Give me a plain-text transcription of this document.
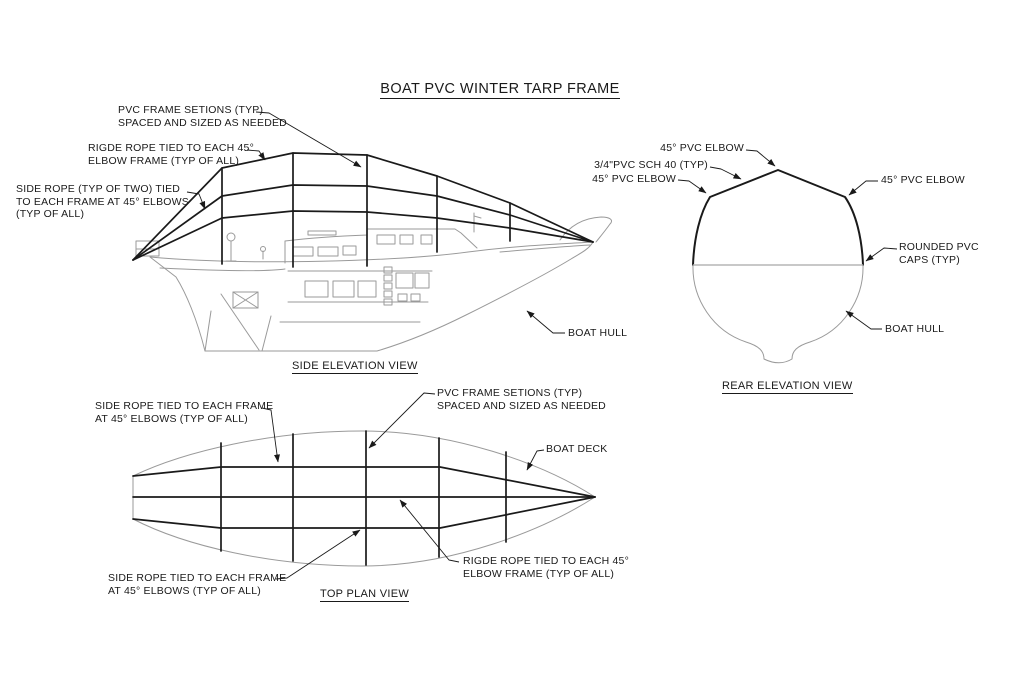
BOAT PVC WINTER TARP FRAME
PVC FRAME SETIONS (TYP)
SPACED AND SIZED AS NEEDED
RIGDE ROPE TIED TO EACH 45°
ELBOW FRAME (TYP OF ALL)
SIDE ROPE (TYP OF TWO) TIED
TO EACH FRAME AT 45° ELBOWS
(TYP OF ALL)
BOAT HULL
SIDE ELEVATION VIEW
45° PVC ELBOW
3/4"PVC SCH 40 (TYP)
45° PVC ELBOW	45° PVC ELBOW
ROUNDED PVC
CAPS (TYP)
BOAT HULL
REAR ELEVATION VIEW
SIDE ROPE TIED TO EACH FRAME
AT 45° ELBOWS (TYP OF ALL)
PVC FRAME SETIONS (TYP)
SPACED AND SIZED AS NEEDED
BOAT DECK
SIDE ROPE TIED TO EACH FRAME
AT 45° ELBOWS (TYP OF ALL)
RIGDE ROPE TIED TO EACH 45°
ELBOW FRAME (TYP OF ALL)
TOP PLAN VIEW
